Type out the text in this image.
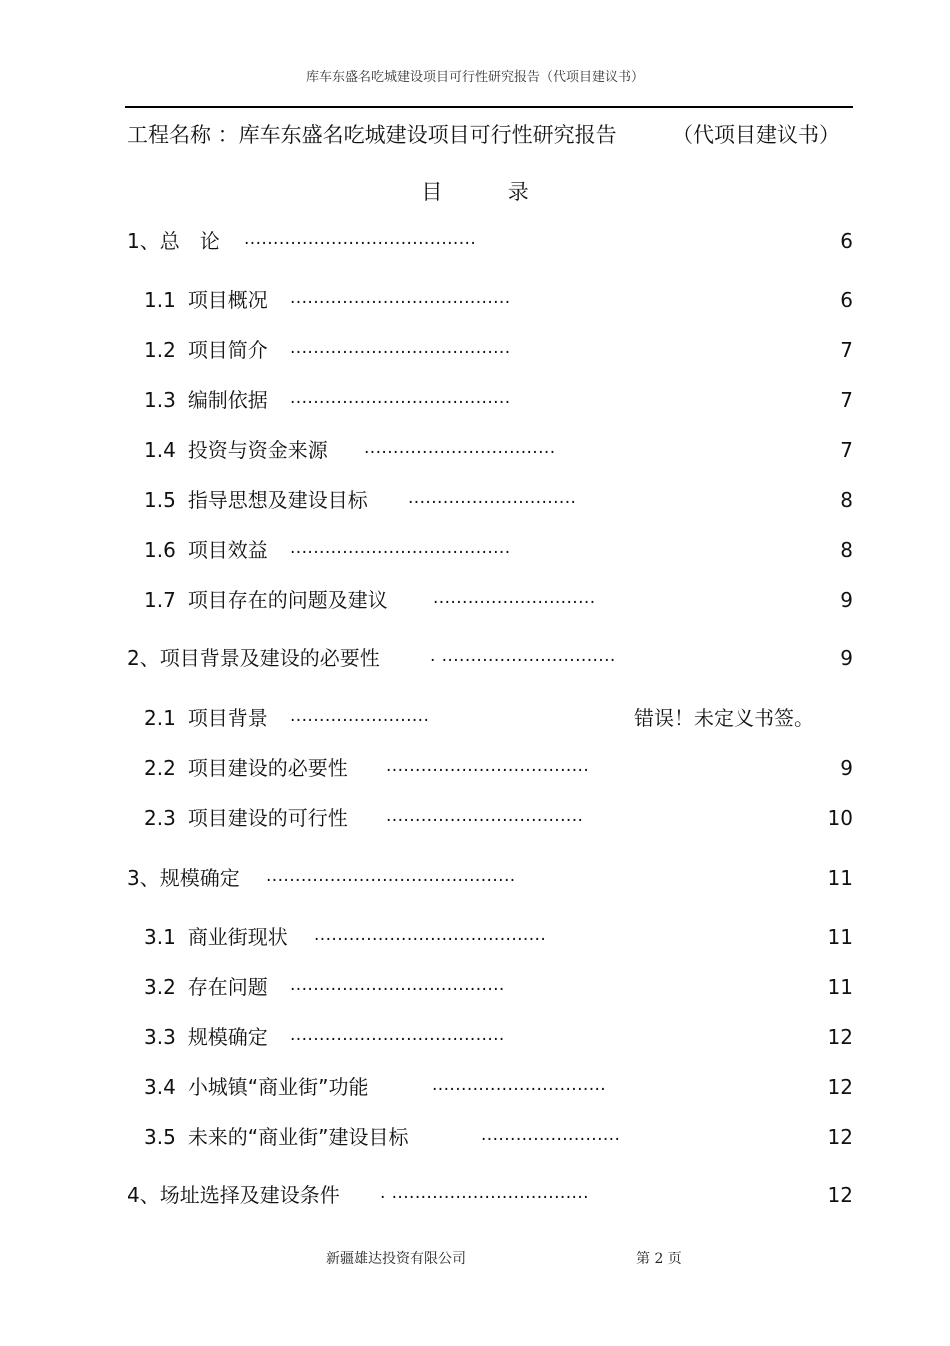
库车东盛名吃城建设项目可行性研究报告（代项目建议书）
工程名称 ：库车东盛名吃城建设项目可行性研究报告	（代项目建议书）
目	录
1、总　论 ........................................	6
1.1 项目概况 ......................................	6
1.2 项目简介 ......................................	7
1.3 编制依据 ......................................	7
1.4 投资与资金来源 .................................	7
1.5 指导思想及建设目标 .............................	8
1.6 项目效益 ......................................	8
1.7 项目存在的问题及建议	............................	9
2、项目背景及建设的必要性	. ..............................	9
2.1 项目背景 ........................	错误！未定义书签。
2.2 项目建设的必要性 ...................................	9
2.3 项目建设的可行性 ..................................	10
3、规模确定 ...........................................	11
3.1 商业街现状 ........................................	11
3.2 存在问题 .....................................	11
3.3 规模确定 .....................................	12
3.4 小城镇“商业街”功能	..............................	12
3.5 未来的“商业街”建设目标	........................	12
4、场址选择及建设条件 . ..................................	12
新疆雄达投资有限公司	第 2 页
